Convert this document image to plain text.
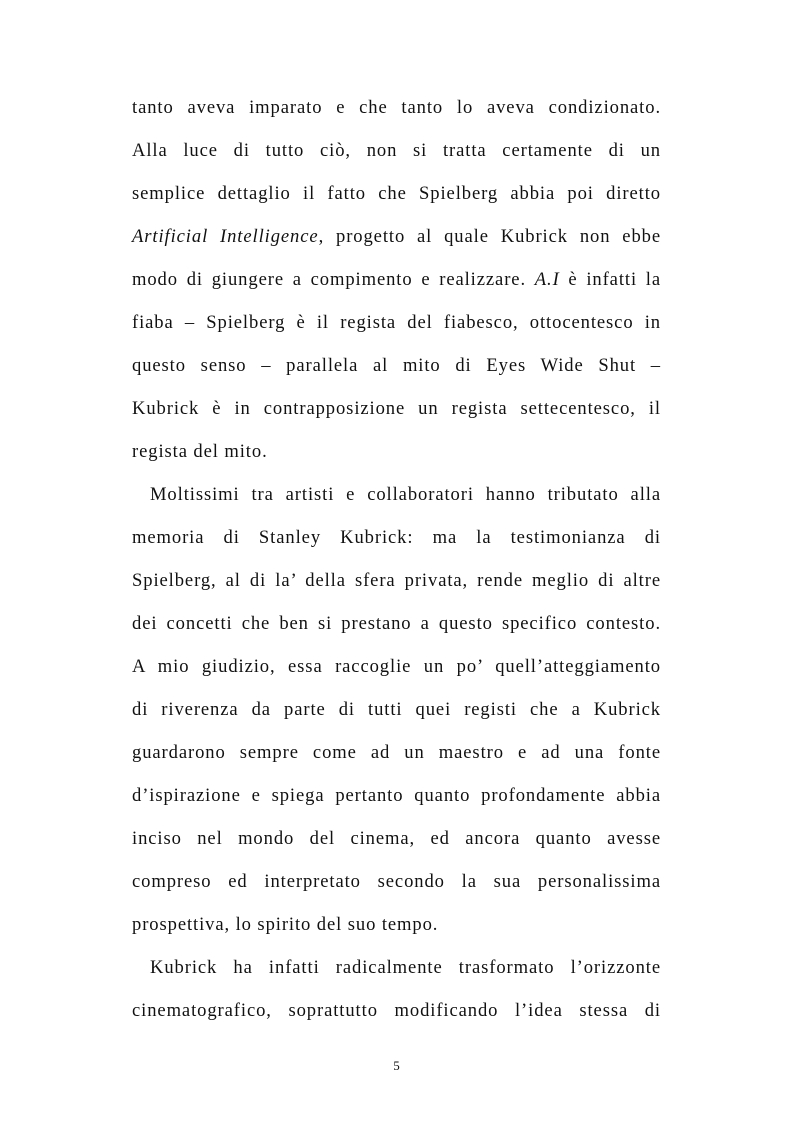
tanto aveva imparato e che tanto lo aveva condizionato.
Alla luce di tutto ciò, non si tratta certamente di un
semplice dettaglio il fatto che Spielberg abbia poi diretto
Artificial Intelligence, progetto al quale Kubrick non ebbe
modo di giungere a compimento e realizzare. A.I è infatti la
fiaba – Spielberg è il regista del fiabesco, ottocentesco in
questo senso – parallela al mito di Eyes Wide Shut –
Kubrick è in contrapposizione un regista settecentesco, il
regista del mito.
Moltissimi tra artisti e collaboratori hanno tributato alla
memoria di Stanley Kubrick: ma la testimonianza di
Spielberg, al di la’ della sfera privata, rende meglio di altre
dei concetti che ben si prestano a questo specifico contesto.
A mio giudizio, essa raccoglie un po’ quell’atteggiamento
di riverenza da parte di tutti quei registi che a Kubrick
guardarono sempre come ad un maestro e ad una fonte
d’ispirazione e spiega pertanto quanto profondamente abbia
inciso nel mondo del cinema, ed ancora quanto avesse
compreso ed interpretato secondo la sua personalissima
prospettiva, lo spirito del suo tempo.
Kubrick ha infatti radicalmente trasformato l’orizzonte
cinematografico, soprattutto modificando l’idea stessa di
5
